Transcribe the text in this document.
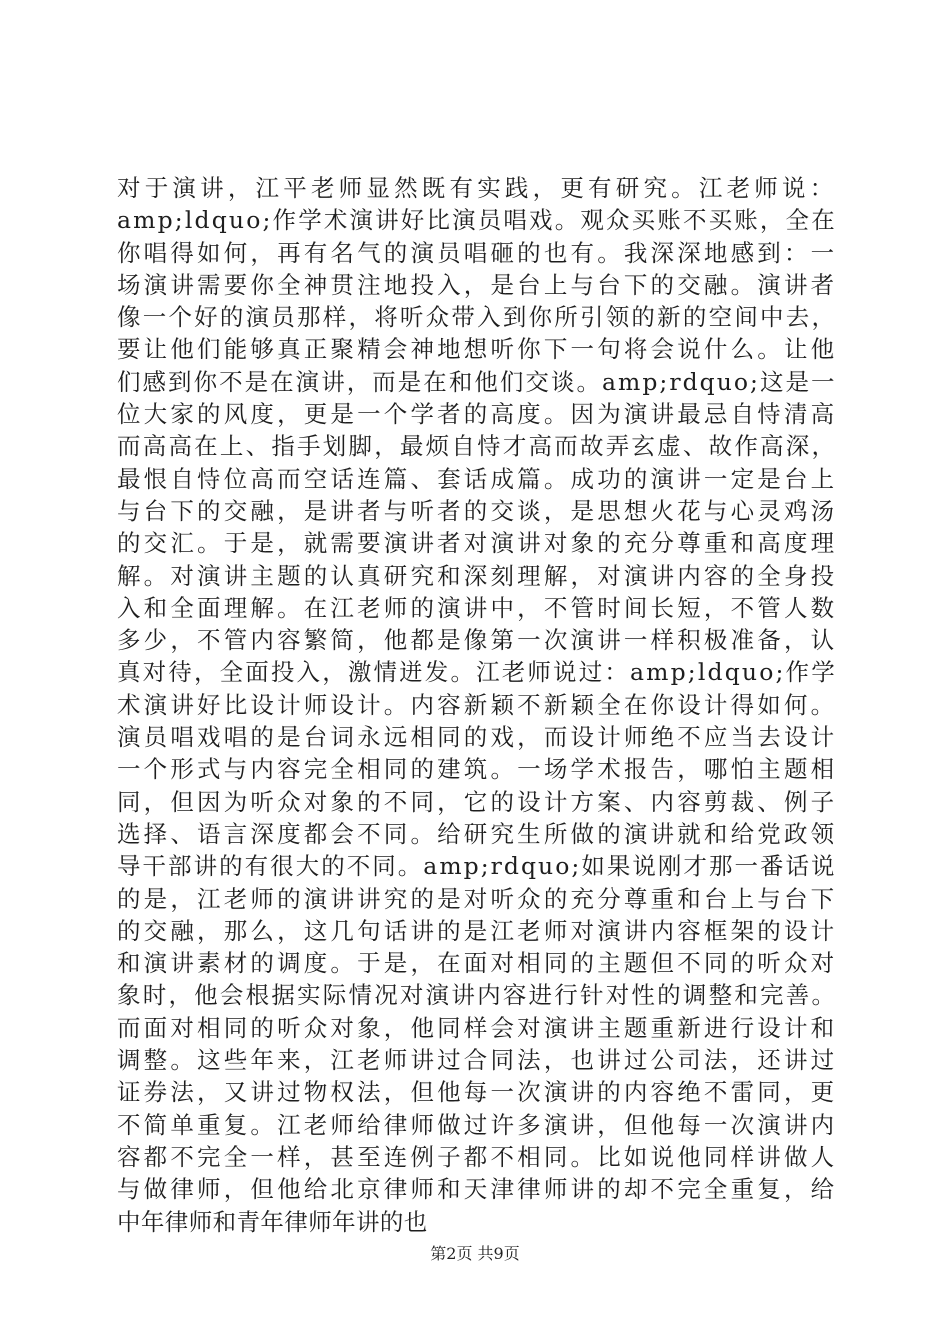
对于演讲，江平老师显然既有实践，更有研究。江老师说：
amp;ldquo;作学术演讲好比演员唱戏。观众买账不买账，全在
你唱得如何，再有名气的演员唱砸的也有。我深深地感到：一
场演讲需要你全神贯注地投入，是台上与台下的交融。演讲者
像一个好的演员那样，将听众带入到你所引领的新的空间中去，
要让他们能够真正聚精会神地想听你下一句将会说什么。让他
们感到你不是在演讲，而是在和他们交谈。amp;rdquo;这是一
位大家的风度，更是一个学者的高度。因为演讲最忌自恃清高
而高高在上、指手划脚，最烦自恃才高而故弄玄虚、故作高深，
最恨自恃位高而空话连篇、套话成篇。成功的演讲一定是台上
与台下的交融，是讲者与听者的交谈，是思想火花与心灵鸡汤
的交汇。于是，就需要演讲者对演讲对象的充分尊重和高度理
解。对演讲主题的认真研究和深刻理解，对演讲内容的全身投
入和全面理解。在江老师的演讲中，不管时间长短，不管人数
多少，不管内容繁简，他都是像第一次演讲一样积极准备，认
真对待，全面投入，激情迸发。江老师说过：amp;ldquo;作学
术演讲好比设计师设计。内容新颖不新颖全在你设计得如何。
演员唱戏唱的是台词永远相同的戏，而设计师绝不应当去设计
一个形式与内容完全相同的建筑。一场学术报告，哪怕主题相
同，但因为听众对象的不同，它的设计方案、内容剪裁、例子
选择、语言深度都会不同。给研究生所做的演讲就和给党政领
导干部讲的有很大的不同。amp;rdquo;如果说刚才那一番话说
的是，江老师的演讲讲究的是对听众的充分尊重和台上与台下
的交融，那么，这几句话讲的是江老师对演讲内容框架的设计
和演讲素材的调度。于是，在面对相同的主题但不同的听众对
象时，他会根据实际情况对演讲内容进行针对性的调整和完善。
而面对相同的听众对象，他同样会对演讲主题重新进行设计和
调整。这些年来，江老师讲过合同法，也讲过公司法，还讲过
证券法，又讲过物权法，但他每一次演讲的内容绝不雷同，更
不简单重复。江老师给律师做过许多演讲，但他每一次演讲内
容都不完全一样，甚至连例子都不相同。比如说他同样讲做人
与做律师，但他给北京律师和天津律师讲的却不完全重复，给
中年律师和青年律师年讲的也
第2页 共9页
